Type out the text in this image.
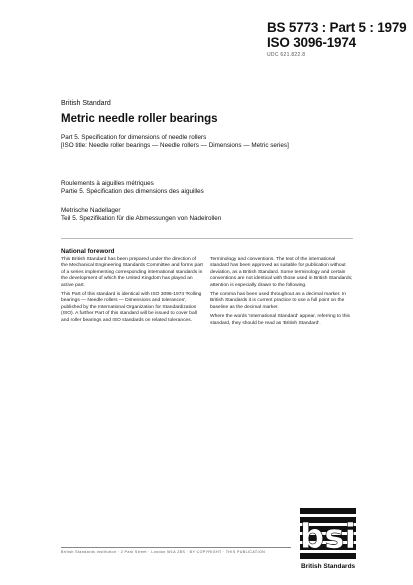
BS 5773 : Part 5 : 1979
ISO 3096-1974
UDC 621.822.8
British Standard
Metric needle roller bearings
Part 5. Specification for dimensions of needle rollers
[ISO title: Needle roller bearings — Needle rollers — Dimensions — Metric series]
Roulements à aiguilles métriques
Partie 5. Spécification des dimensions des aiguilles
Metrische Nadellager
Teil 5. Spezifikation für die Abmessungen von Nadelrollen
National foreword

This British Standard has been prepared under the direction of the Mechanical Engineering Standards Committee and forms part of a series implementing corresponding international standards in the development of which the United Kingdom has played an active part.

This Part of this standard is identical with ISO 3096-1974 'Rolling bearings — Needle rollers — Dimensions and tolerances', published by the International Organization for Standardization (ISO). A further Part of this standard will be issued to cover ball and roller bearings and ISO standards on related tolerances.

Terminology and conventions. The text of the international standard has been approved as suitable for publication without deviation, as a British Standard. Some terminology and certain conventions are not identical with those used in British Standards; attention is especially drawn to the following.

The comma has been used throughout as a decimal marker. In British Standards it is current practice to use a full point on the baseline as the decimal marker.

Where the words 'International Standard' appear, referring to this standard, they should be read as 'British Standard'.

British Standards Institution · 2 Park Street · London W1A 2BS · BY COPYRIGHT · THIS PUBLICATION	bsi
British Standards
